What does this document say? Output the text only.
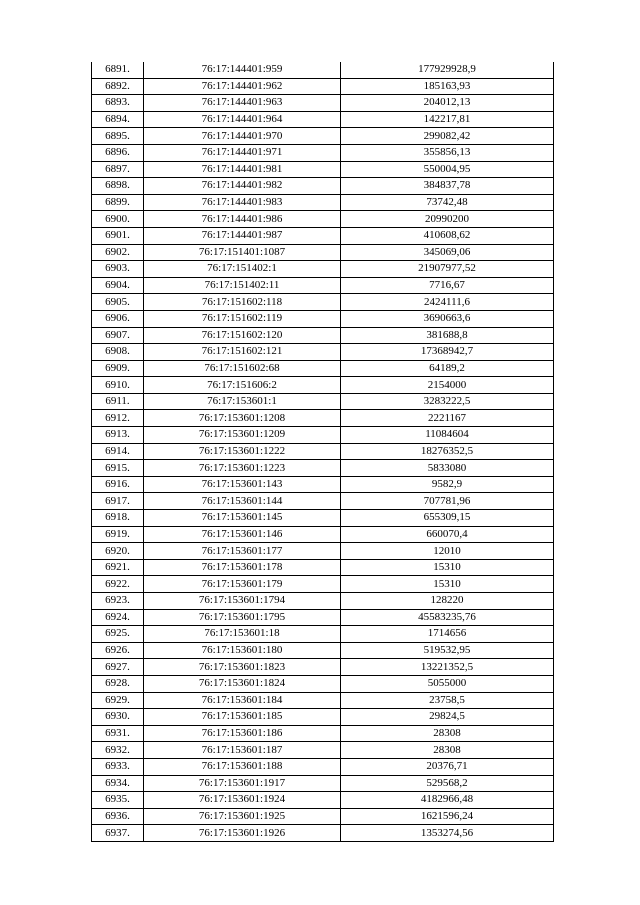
6891.	76:17:144401:959	177929928,9
6892.	76:17:144401:962	185163,93
6893.	76:17:144401:963	204012,13
6894.	76:17:144401:964	142217,81
6895.	76:17:144401:970	299082,42
6896.	76:17:144401:971	355856,13
6897.	76:17:144401:981	550004,95
6898.	76:17:144401:982	384837,78
6899.	76:17:144401:983	73742,48
6900.	76:17:144401:986	20990200
6901.	76:17:144401:987	410608,62
6902.	76:17:151401:1087	345069,06
6903.	76:17:151402:1	21907977,52
6904.	76:17:151402:11	7716,67
6905.	76:17:151602:118	2424111,6
6906.	76:17:151602:119	3690663,6
6907.	76:17:151602:120	381688,8
6908.	76:17:151602:121	17368942,7
6909.	76:17:151602:68	64189,2
6910.	76:17:151606:2	2154000
6911.	76:17:153601:1	3283222,5
6912.	76:17:153601:1208	2221167
6913.	76:17:153601:1209	11084604
6914.	76:17:153601:1222	18276352,5
6915.	76:17:153601:1223	5833080
6916.	76:17:153601:143	9582,9
6917.	76:17:153601:144	707781,96
6918.	76:17:153601:145	655309,15
6919.	76:17:153601:146	660070,4
6920.	76:17:153601:177	12010
6921.	76:17:153601:178	15310
6922.	76:17:153601:179	15310
6923.	76:17:153601:1794	128220
6924.	76:17:153601:1795	45583235,76
6925.	76:17:153601:18	1714656
6926.	76:17:153601:180	519532,95
6927.	76:17:153601:1823	13221352,5
6928.	76:17:153601:1824	5055000
6929.	76:17:153601:184	23758,5
6930.	76:17:153601:185	29824,5
6931.	76:17:153601:186	28308
6932.	76:17:153601:187	28308
6933.	76:17:153601:188	20376,71
6934.	76:17:153601:1917	529568,2
6935.	76:17:153601:1924	4182966,48
6936.	76:17:153601:1925	1621596,24
6937.	76:17:153601:1926	1353274,56
